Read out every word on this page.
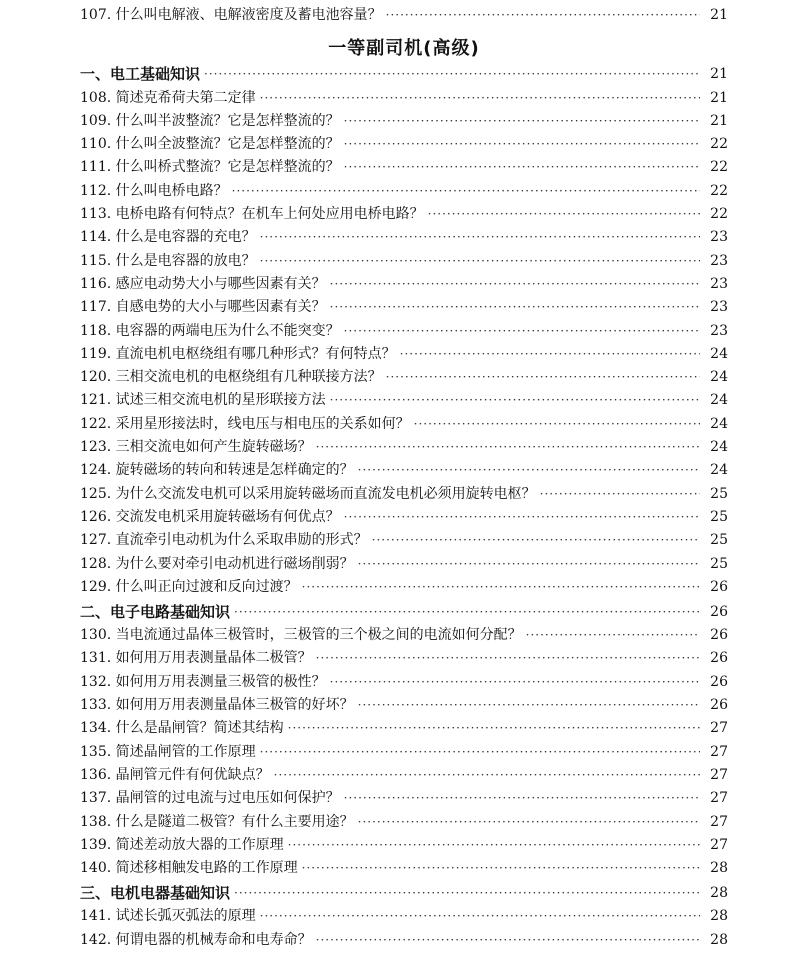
107. 什么叫电解液、电解液密度及蓄电池容量？ ·····	21
一等副司机(高级)
一、电工基础知识 ·····	21
108. 简述克希荷夫第二定律 ·····	21
109. 什么叫半波整流？它是怎样整流的？ ·····	21
110. 什么叫全波整流？它是怎样整流的？ ·····	22
111. 什么叫桥式整流？它是怎样整流的？ ·····	22
112. 什么叫电桥电路？ ·····	22
113. 电桥电路有何特点？在机车上何处应用电桥电路？ ·····	22
114. 什么是电容器的充电？ ·····	23
115. 什么是电容器的放电？ ·····	23
116. 感应电动势大小与哪些因素有关？ ·····	23
117. 自感电势的大小与哪些因素有关？ ·····	23
118. 电容器的两端电压为什么不能突变？ ·····	23
119. 直流电机电枢绕组有哪几种形式？有何特点？ ·····	24
120. 三相交流电机的电枢绕组有几种联接方法？ ·····	24
121. 试述三相交流电机的星形联接方法 ·····	24
122. 采用星形接法时，线电压与相电压的关系如何？ ·····	24
123. 三相交流电如何产生旋转磁场？ ·····	24
124. 旋转磁场的转向和转速是怎样确定的？ ·····	24
125. 为什么交流发电机可以采用旋转磁场而直流发电机必须用旋转电枢？ ·····	25
126. 交流发电机采用旋转磁场有何优点？ ·····	25
127. 直流牵引电动机为什么采取串励的形式？ ·····	25
128. 为什么要对牵引电动机进行磁场削弱？ ·····	25
129. 什么叫正向过渡和反向过渡？ ·····	26
二、电子电路基础知识 ·····	26
130. 当电流通过晶体三极管时，三极管的三个极之间的电流如何分配？ ·····	26
131. 如何用万用表测量晶体二极管？ ·····	26
132. 如何用万用表测量三极管的极性？ ·····	26
133. 如何用万用表测量晶体三极管的好坏？ ·····	26
134. 什么是晶闸管？简述其结构 ·····	27
135. 简述晶闸管的工作原理 ·····	27
136. 晶闸管元件有何优缺点？ ·····	27
137. 晶闸管的过电流与过电压如何保护？ ·····	27
138. 什么是隧道二极管？有什么主要用途？ ·····	27
139. 简述差动放大器的工作原理 ·····	27
140. 简述移相触发电路的工作原理 ·····	28
三、电机电器基础知识 ·····	28
141. 试述长弧灭弧法的原理 ·····	28
142. 何谓电器的机械寿命和电寿命？ ·····	28
